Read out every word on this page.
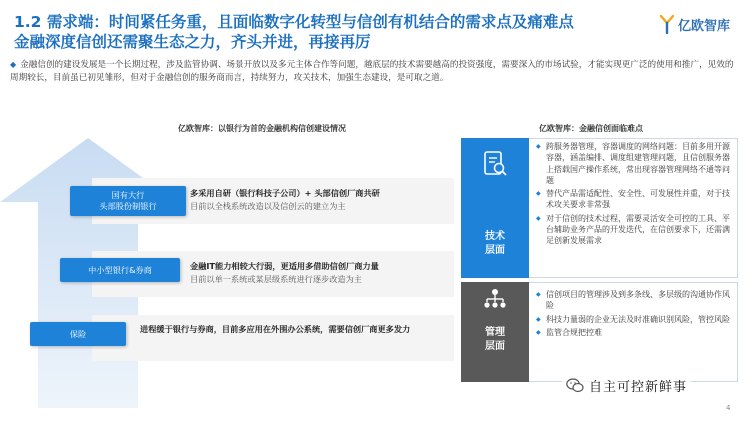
1.2 需求端：时间紧任务重，且面临数字化转型与信创有机结合的需求点及痛难点
金融深度信创还需聚生态之力，齐头并进，再接再厉
亿欧智库
◆ 金融信创的建设发展是一个长期过程，涉及监管协调、场景开放以及多元主体合作等问题，越底层的技术需要越高的投资强度，需要深入的市场试验，才能实现更广泛的使用和推广，见效的周期较长，目前虽已初见雏形，但对于金融信创的服务商而言，持续努力，攻关技术，加强生态建设，是可取之道。
亿欧智库：以银行为首的金融机构信创建设情况
国有大行
头部股份制银行
多采用自研（银行科技子公司）+ 头部信创厂商共研
目前以全栈系统改造以及信创云的建立为主
中小型银行&券商	金融IT能力相较大行弱，更适用多借助信创厂商力量
目前以单一系统或某层级系统进行逐步改造为主
保险	进程缓于银行与券商，目前多应用在外围办公系统，需要信创厂商更多发力
亿欧智库：金融信创面临难点
技术
层面
◆ 跨服务器管理，容器调度的网络问题：目前多用开源容器，涵盖编排、调度组建管理问题，且信创服务器上搭载国产操作系统，常出现容器管理网络不通等问题
◆ 替代产品需适配性、安全性、可发展性并重，对于技术攻关要求非常强
◆ 对于信创的技术过程，需要灵活安全可控的工具、平台辅助业务产品的开发迭代，在信创要求下，还需满足创新发展需求
管理
层面
◆ 信创项目的管理涉及到多条线、多层级的沟通协作风险
◆ 科技力量弱的企业无法及时准确识别风险，管控风险
◆ 监管合规把控难
自主可控新鲜事
4
